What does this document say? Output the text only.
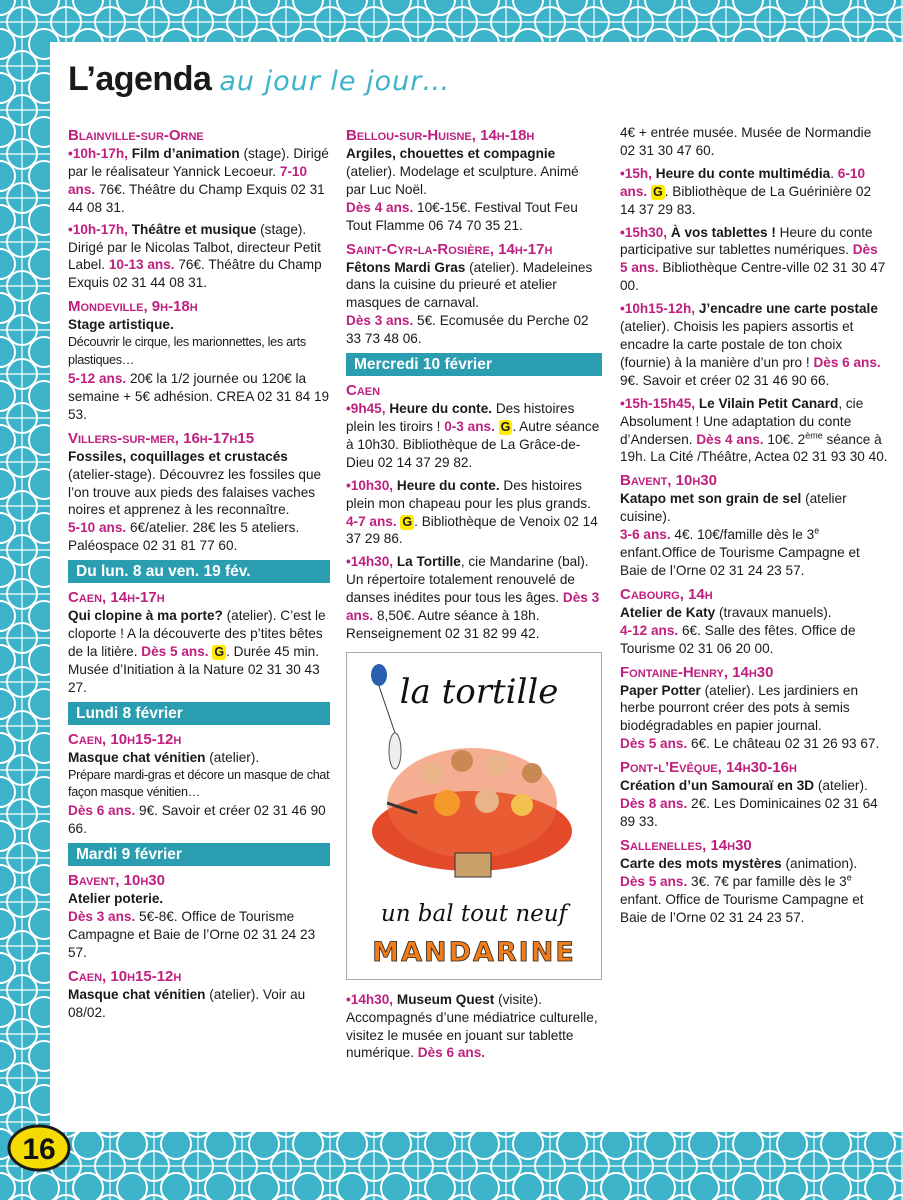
L’agenda au jour le jour…
Blainville-sur-Orne
•10h-17h, Film d’animation (stage). Dirigé par le réalisateur Yannick Lecoeur. 7-10 ans. 76€. Théâtre du Champ Exquis 02 31 44 08 31.
•10h-17h, Théâtre et musique (stage). Dirigé par le Nicolas Talbot, directeur Petit Label. 10-13 ans. 76€. Théâtre du Champ Exquis 02 31 44 08 31.
Mondeville, 9h-18h
Stage artistique.
Découvrir le cirque, les marionnettes, les arts plastiques…
5-12 ans. 20€ la 1/2 journée ou 120€ la semaine + 5€ adhésion. CREA 02 31 84 19 53.
Villers-sur-mer, 16h-17h15
Fossiles, coquillages et crustacés
(atelier-stage). Découvrez les fossiles que l’on trouve aux pieds des falaises vaches noires et apprenez à les reconnaître.
5-10 ans. 6€/atelier. 28€ les 5 ateliers. Paléospace 02 31 81 77 60.
Du lun. 8 au ven. 19 fév.
Caen, 14h-17h
Qui clopine à ma porte? (atelier). C’est le cloporte ! A la découverte des p’tites bêtes de la litière. Dès 5 ans. G . Durée 45 min. Musée d’Initiation à la Nature 02 31 30 43 27.
Lundi 8 février
Caen, 10h15-12h
Masque chat vénitien (atelier).
Prépare mardi-gras et décore un masque de chat façon masque vénitien…
Dès 6 ans. 9€. Savoir et créer 02 31 46 90 66.
Mardi 9 février
Bavent, 10h30
Atelier poterie.
Dès 3 ans. 5€-8€. Office de Tourisme Campagne et Baie de l’Orne 02 31 24 23 57.
Caen, 10h15-12h
Masque chat vénitien (atelier). Voir au 08/02.
Bellou-sur-Huisne, 14h-18h
Argiles, chouettes et compagnie
(atelier). Modelage et sculpture. Animé par Luc Noël.
Dès 4 ans. 10€-15€. Festival Tout Feu Tout Flamme 06 74 70 35 21.
Saint-Cyr-la-Rosière, 14h-17h
Fêtons Mardi Gras (atelier). Madeleines dans la cuisine du prieuré et atelier masques de carnaval.
Dès 3 ans. 5€. Ecomusée du Perche 02 33 73 48 06.
Mercredi 10 février
Caen
•9h45, Heure du conte. Des histoires plein les tiroirs ! 0-3 ans. G . Autre séance à 10h30. Bibliothèque de La Grâce-de-Dieu 02 14 37 29 82.
•10h30, Heure du conte. Des histoires plein mon chapeau pour les plus grands. 4-7 ans. G . Bibliothèque de Venoix 02 14 37 29 86.
•14h30, La Tortille, cie Mandarine (bal). Un répertoire totalement renouvelé de danses inédites pour tous les âges. Dès 3 ans. 8,50€. Autre séance à 18h. Renseignement 02 31 82 99 42.
la tortille
un bal tout neuf
MANDARINE
•14h30, Museum Quest (visite). Accompagnés d’une médiatrice culturelle, visitez le musée en jouant sur tablette numérique. Dès 6 ans.
4€ + entrée musée. Musée de Normandie 02 31 30 47 60.
•15h, Heure du conte multimédia. 6-10 ans. G . Bibliothèque de La Guérinière 02 14 37 29 83.
•15h30, À vos tablettes ! Heure du conte participative sur tablettes numériques. Dès 5 ans. Bibliothèque Centre-ville 02 31 30 47 00.
•10h15-12h, J’encadre une carte postale (atelier). Choisis les papiers assortis et encadre la carte postale de ton choix (fournie) à la manière d’un pro ! Dès 6 ans. 9€. Savoir et créer 02 31 46 90 66.
•15h-15h45, Le Vilain Petit Canard, cie Absolument ! Une adaptation du conte d’Andersen. Dès 4 ans. 10€. 2ème séance à 19h. La Cité /Théâtre, Actea 02 31 93 30 40.
Bavent, 10h30
Katapo met son grain de sel (atelier cuisine).
3-6 ans. 4€. 10€/famille dès le 3e enfant.Office de Tourisme Campagne et Baie de l’Orne 02 31 24 23 57.
Cabourg, 14h
Atelier de Katy (travaux manuels).
4-12 ans. 6€. Salle des fêtes. Office de Tourisme 02 31 06 20 00.
Fontaine-Henry, 14h30
Paper Potter (atelier). Les jardiniers en herbe pourront créer des pots à semis biodégradables en papier journal.
Dès 5 ans. 6€. Le château 02 31 26 93 67.
Pont-l’Evêque, 14h30-16h
Création d’un Samouraï en 3D (atelier).
Dès 8 ans. 2€. Les Dominicaines 02 31 64 89 33.
Sallenelles, 14h30
Carte des mots mystères (animation).
Dès 5 ans. 3€. 7€ par famille dès le 3e enfant. Office de Tourisme Campagne et Baie de l’Orne 02 31 24 23 57.
16
